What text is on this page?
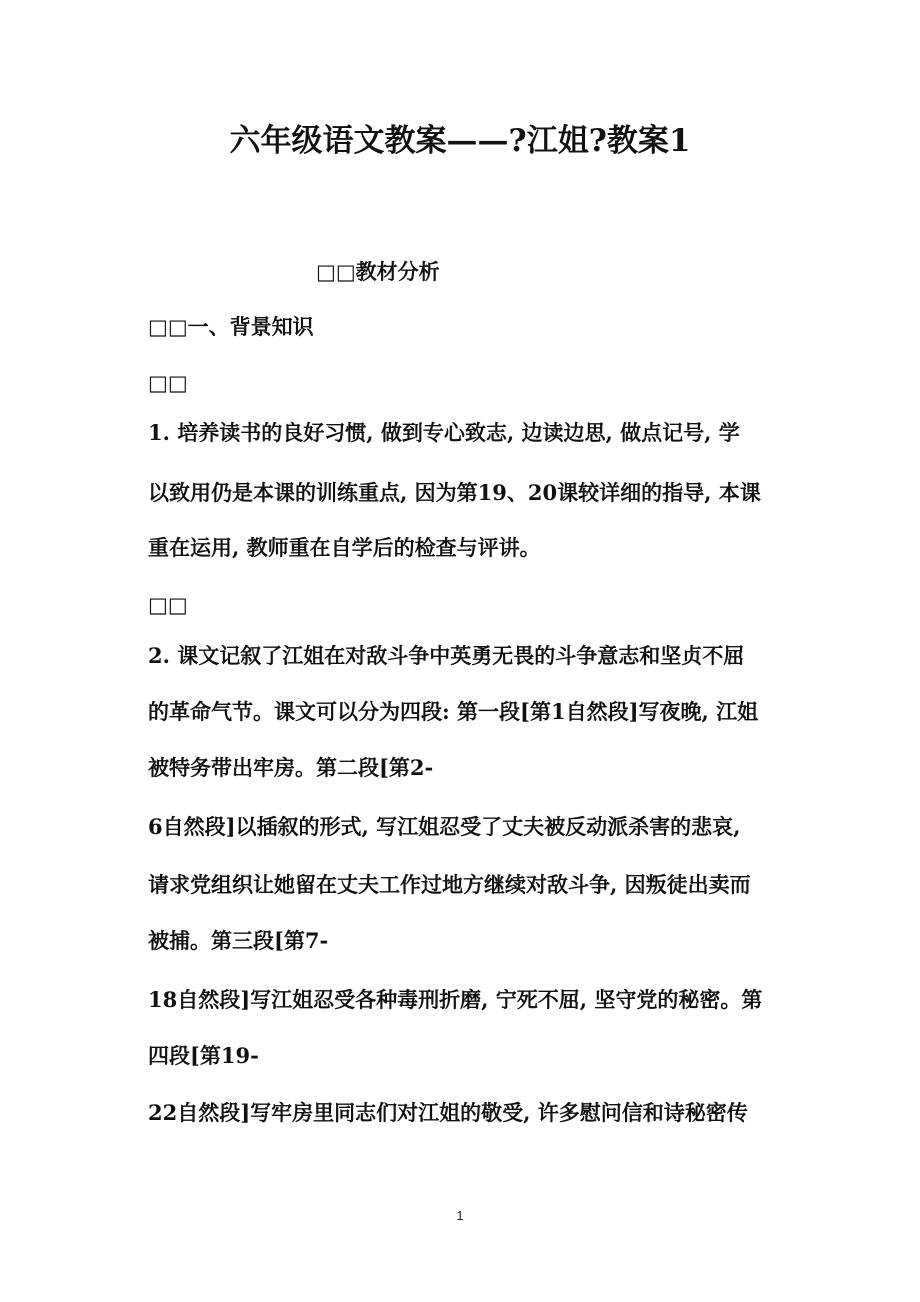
六年级语文教案——?江姐?教案1
□□教材分析
□□一、背景知识
□□
1. 培养读书的良好习惯, 做到专心致志, 边读边思, 做点记号, 学
以致用仍是本课的训练重点, 因为第19、20课较详细的指导, 本课
重在运用, 教师重在自学后的检查与评讲。
□□
2. 课文记叙了江姐在对敌斗争中英勇无畏的斗争意志和坚贞不屈
的革命气节。课文可以分为四段: 第一段[第1自然段]写夜晚, 江姐
被特务带出牢房。第二段[第2-
6自然段]以插叙的形式, 写江姐忍受了丈夫被反动派杀害的悲哀,
请求党组织让她留在丈夫工作过地方继续对敌斗争, 因叛徒出卖而
被捕。第三段[第7-
18自然段]写江姐忍受各种毒刑折磨, 宁死不屈, 坚守党的秘密。第
四段[第19-
22自然段]写牢房里同志们对江姐的敬受, 许多慰问信和诗秘密传
1
